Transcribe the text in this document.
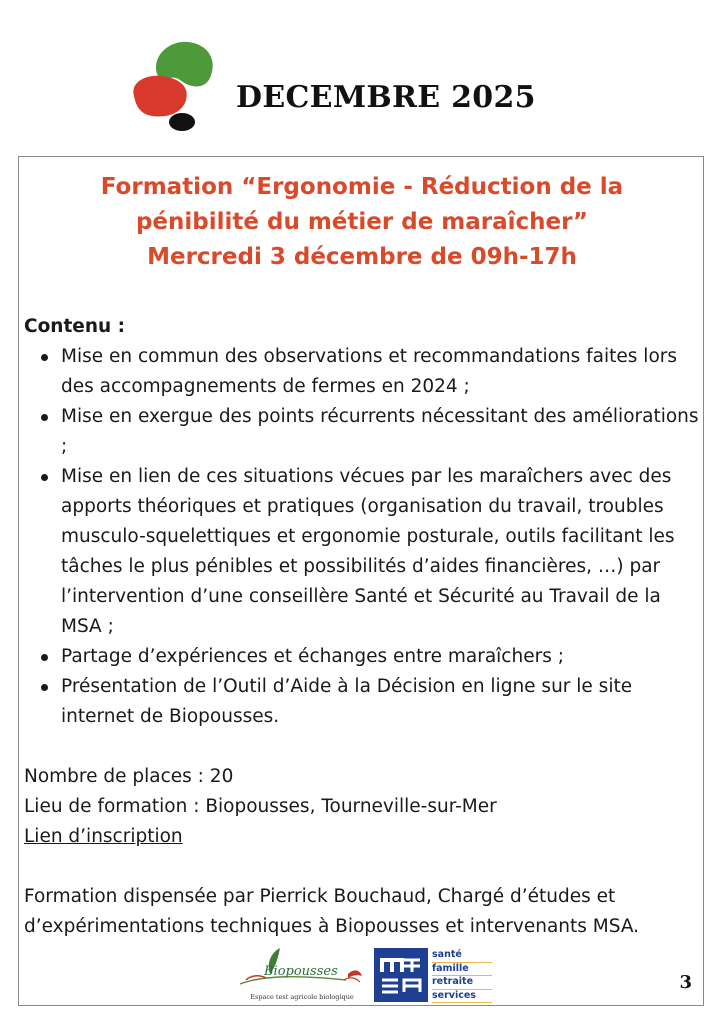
DECEMBRE 2025
Formation “Ergonomie - Réduction de la
pénibilité du métier de maraîcher”
Mercredi 3 décembre de 09h-17h
Contenu :
Mise en commun des observations et recommandations faites lors des accompagnements de fermes en 2024 ;
Mise en exergue des points récurrents nécessitant des améliorations ;
Mise en lien de ces situations vécues par les maraîchers avec des apports théoriques et pratiques (organisation du travail, troubles musculo-squelettiques et ergonomie posturale, outils facilitant les tâches le plus pénibles et possibilités d’aides financières, …) par l’intervention d’une conseillère Santé et Sécurité au Travail de la MSA ;
Partage d’expériences et échanges entre maraîchers ;
Présentation de l’Outil d’Aide à la Décision en ligne sur le site internet de Biopousses.
Nombre de places : 20
Lieu de formation : Biopousses, Tourneville-sur-Mer
Lien d’inscription
Formation dispensée par Pierrick Bouchaud, Chargé d’études et d’expérimentations techniques à Biopousses et intervenants MSA.
Biopousses
Espace test agricole biologique
santé
famille
retraite
services
3
